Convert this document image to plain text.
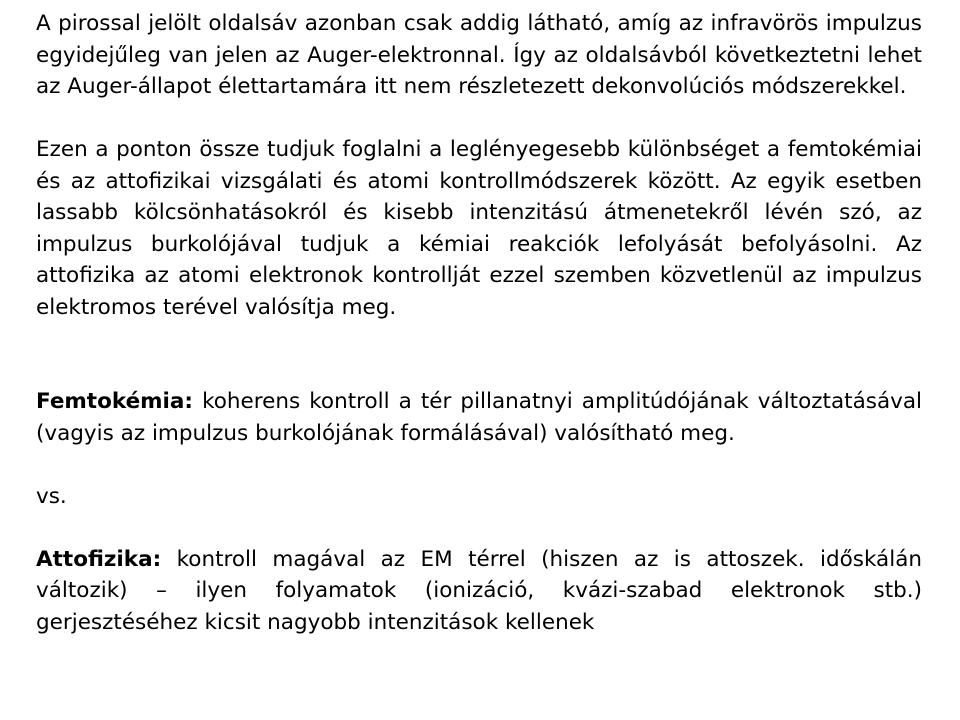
A pirossal jelölt oldalsáv azonban csak addig látható, amíg az infravörös impulzus egyidejűleg van jelen az Auger-elektronnal. Így az oldalsávból következtetni lehet az Auger-állapot élettartamára itt nem részletezett dekonvolúciós módszerekkel.

Ezen a ponton össze tudjuk foglalni a leglényegesebb különbséget a femtokémiai és az attofizikai vizsgálati és atomi kontrollmódszerek között. Az egyik esetben lassabb kölcsönhatásokról és kisebb intenzitású átmenetekről lévén szó, az impulzus burkolójával tudjuk a kémiai reakciók lefolyását befolyásolni. Az attofizika az atomi elektronok kontrollját ezzel szemben közvetlenül az impulzus elektromos terével valósítja meg.

Femtokémia: koherens kontroll a tér pillanatnyi amplitúdójának változtatásával (vagyis az impulzus burkolójának formálásával) valósítható meg.

vs.

Attofizika: kontroll magával az EM térrel (hiszen az is attoszek. időskálán változik) – ilyen folyamatok (ionizáció, kvázi-szabad elektronok stb.) gerjesztéséhez kicsit nagyobb intenzitások kellenek
